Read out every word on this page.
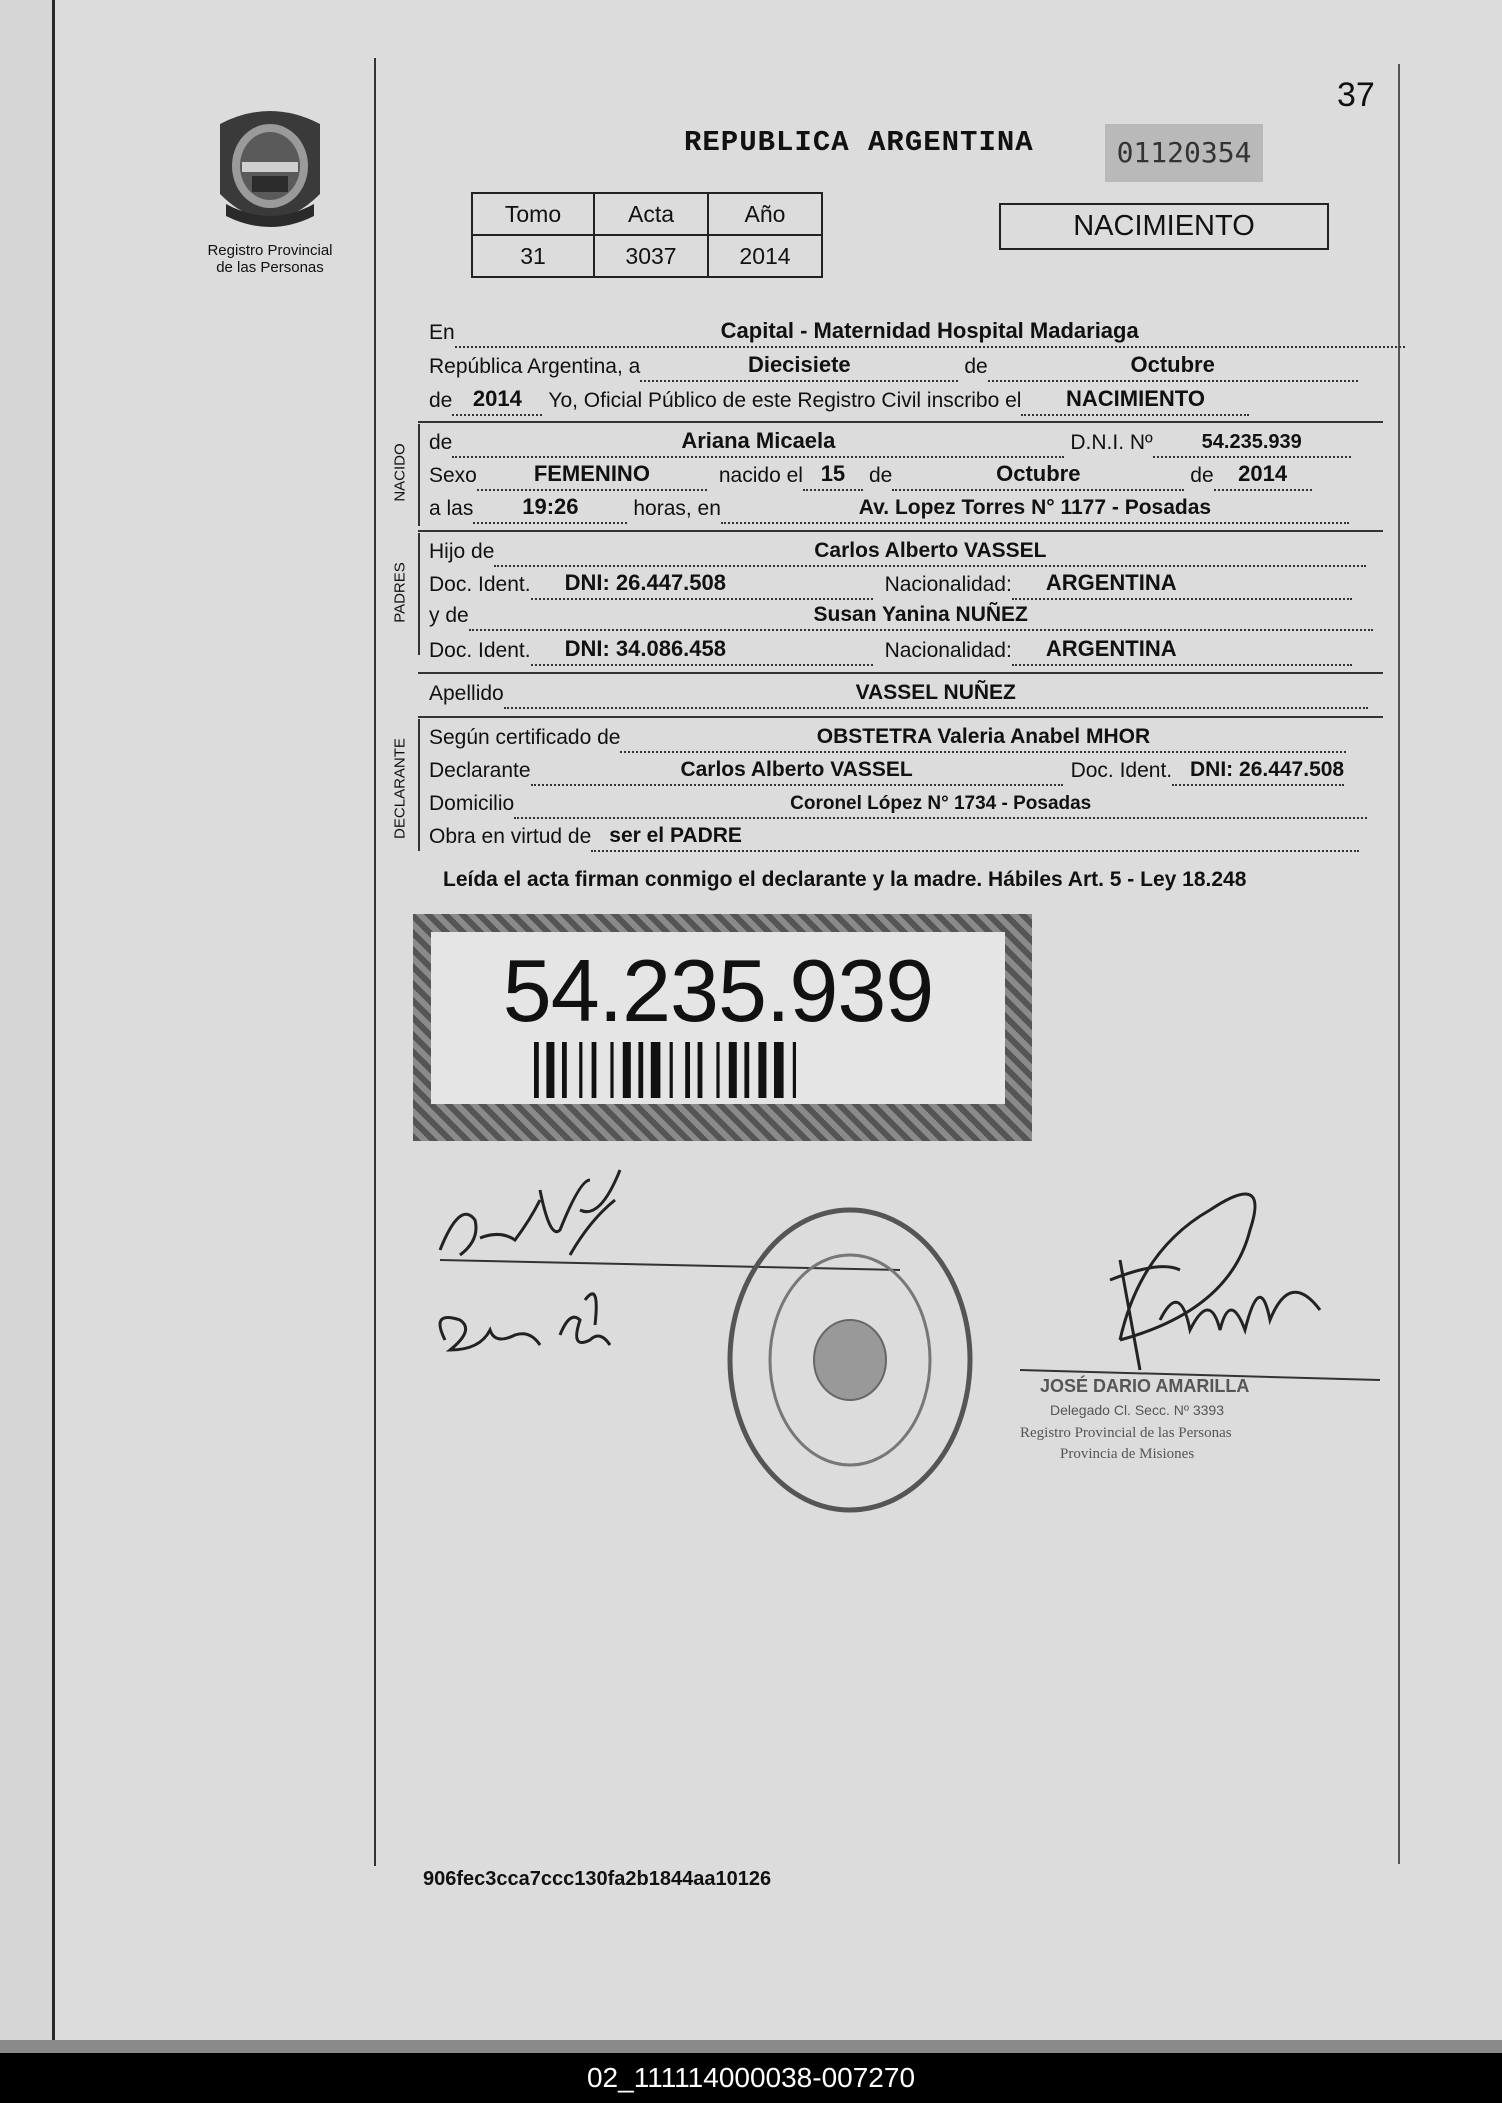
02_111114000038-007270
37
Registro Provincial
de las Personas
REPUBLICA ARGENTINA	01120354
Tomo	Acta	Año
31	3037	2014
NACIMIENTO
En	Capital - Maternidad Hospital Madariaga
República Argentina, a	Diecisiete	de	Octubre
de 2014	Yo, Oficial Público de este Registro Civil inscribo el	NACIMIENTO
NACIDO
de	Ariana Micaela	D.N.I. Nº	54.235.939
Sexo	FEMENINO	nacido el 15	de	Octubre	de	2014
a las	19:26	horas, en	Av. Lopez Torres N° 1177 - Posadas
PADRES
Hijo de	Carlos Alberto VASSEL
Doc. Ident. DNI: 26.447.508	Nacionalidad: ARGENTINA
y de	Susan Yanina NUÑEZ
Doc. Ident. DNI: 34.086.458	Nacionalidad: ARGENTINA
Apellido	VASSEL NUÑEZ
DECLARANTE
Según certificado de	OBSTETRA Valeria Anabel MHOR
Declarante	Carlos Alberto VASSEL	Doc. Ident. DNI: 26.447.508
Domicilio	Coronel López N° 1734 - Posadas
Obra en virtud de ser el PADRE
Leída el acta firman conmigo el declarante y la madre. Hábiles Art. 5 - Ley 18.248
54.235.939
JOSÉ DARIO AMARILLA
Delegado Cl. Secc. Nº 3393
Registro Provincial de las Personas
Provincia de Misiones
906fec3cca7ccc130fa2b1844aa10126
